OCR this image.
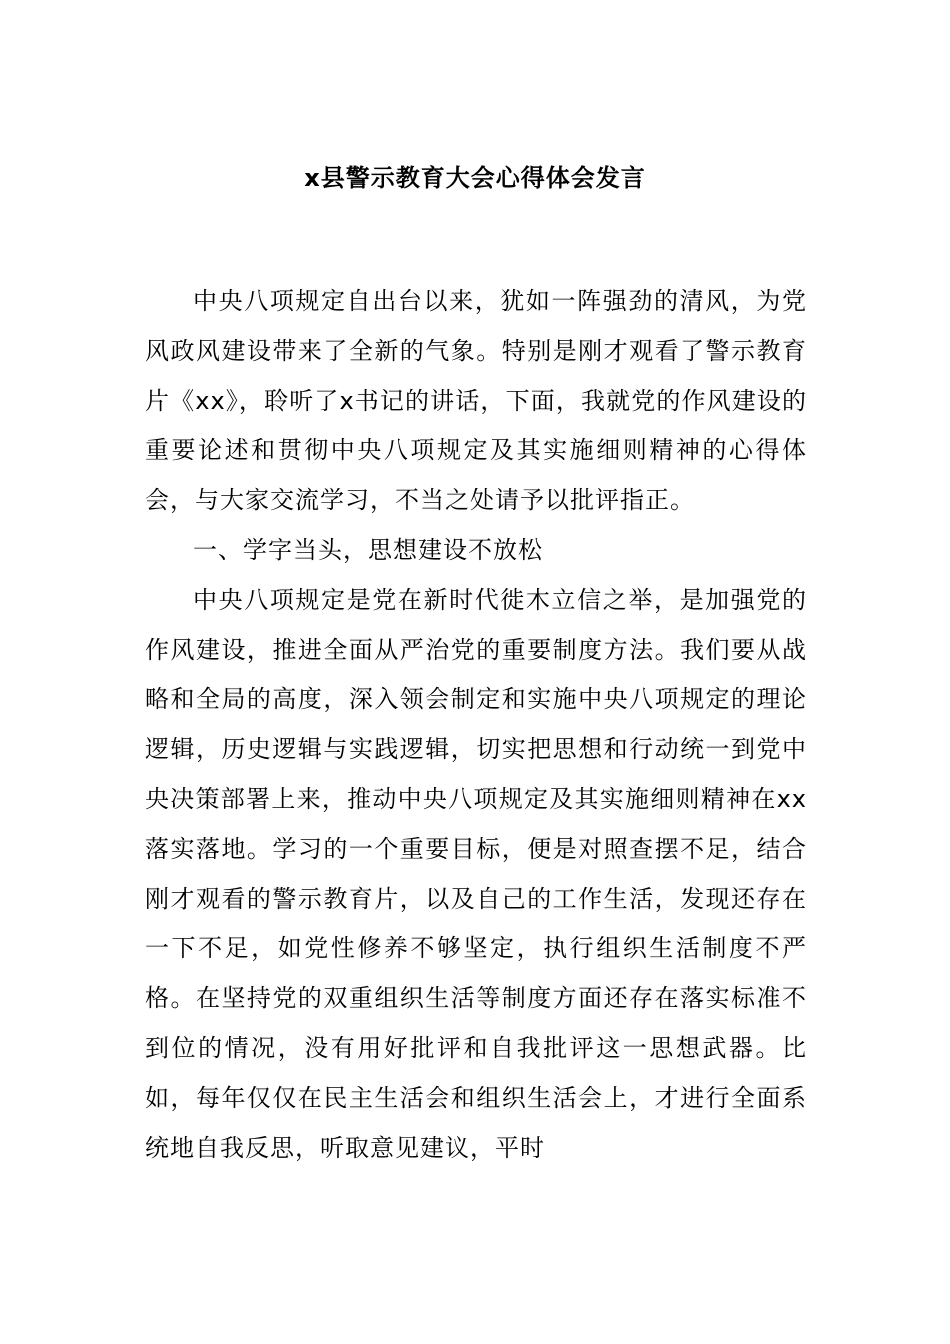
x县警示教育大会心得体会发言

中央八项规定自出台以来，犹如一阵强劲的清风，为党风政风建设带来了全新的气象。特别是刚才观看了警示教育片《xx》，聆听了x书记的讲话，下面，我就党的作风建设的重要论述和贯彻中央八项规定及其实施细则精神的心得体会，与大家交流学习，不当之处请予以批评指正。

一、学字当头，思想建设不放松

中央八项规定是党在新时代徙木立信之举，是加强党的作风建设，推进全面从严治党的重要制度方法。我们要从战略和全局的高度，深入领会制定和实施中央八项规定的理论逻辑，历史逻辑与实践逻辑，切实把思想和行动统一到党中央决策部署上来，推动中央八项规定及其实施细则精神在xx落实落地。学习的一个重要目标，便是对照查摆不足，结合刚才观看的警示教育片，以及自己的工作生活，发现还存在一下不足，如党性修养不够坚定，执行组织生活制度不严格。在坚持党的双重组织生活等制度方面还存在落实标准不到位的情况，没有用好批评和自我批评这一思想武器。比如，每年仅仅在民主生活会和组织生活会上，才进行全面系统地自我反思，听取意见建议，平时
